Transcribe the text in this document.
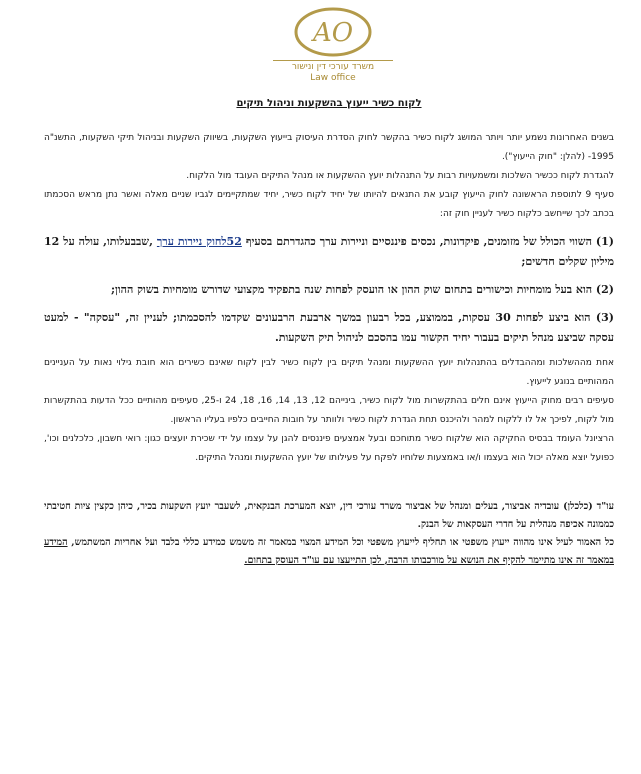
AO
משרד עורכי דין ונישור
Law office
לקוח כשיר ייעוץ בהשקעות וניהול תיקים

בשנים האחרונות נשמע יותר ויותר המושג לקוח כשיר בהקשר לחוק הסדרת העיסוק בייעוץ השקעות, בשיווק השקעות ובניהול תיקי השקעות, התשנ"ה 1995- (להלן: "חוק הייעוץ").

להגדרת לקוח ככשיר השלכות ומשמעויות רבות על התנהלות יועץ ההשקעות או מנהל התיקים העובד מול הלקוח.

סעיף 9 לתוספת הראשונה לחוק הייעוץ קובע את התנאים להיותו של יחיד לקוח כשיר, יחיד שמתקיימים לגביו שניים מאלה ואשר נתן מראש הסכמתו בכתב לכך שייחשב כלקוח כשיר לעניין חוק זה:

(1) השווי הכולל של מזומנים, פיקדונות, נכסים פיננסיים וניירות ערך כהגדרתם בסעיף 52לחוק ניירות ערך ,שבבעלותו, עולה על 12 מיליון שקלים חדשים;

(2) הוא בעל מומחיות וכישורים בתחום שוק ההון או הועסק לפחות שנה בתפקיד מקצועי שדורש מומחיות בשוק ההון;

(3) הוא ביצע לפחות 30 עסקות, בממוצע, בכל רבעון במשך ארבעת הרבעונים שקדמו להסכמתו; לעניין זה, "עסקה" - למעט עסקה שביצע מנהל תיקים בעבור יחיד הקשור עמו בהסכם לניהול תיק השקעות.

אחת מההשלכות ומההבדלים בהתנהלות יועץ ההשקעות ומנהל תיקים בין לקוח כשיר לבין לקוח שאינם כשירים הוא חובת גילוי נאות על העניינים המהותיים בנוגע לייעוץ.

סעיפים רבים מחוק הייעוץ אינם חלים בהתקשרות מול לקוח כשיר, בינייהם 12, 13, 14, 16, 18, 24 ו-25, סעיפים מהותיים ככל הדעות בהתקשרות מול לקוח, לפיכך אל לו ללקוח למהר ולהיכנס תחת הגדרת לקוח כשיר ולוותר על חובות החייבים כלפיו בעליו הראשון.

הרציונל העומד בבסיס החקיקה הוא שלקוח כשיר מתוחכם ובעל אמצעים פיננסים להגן על עצמו על ידי שכירת יועצים כגון: רואי חשבון, כלכלנים וכו', כפועל יוצא מאלה יכול הוא בעצמו ו/או באמצעות שלוחיו לפקח על פעילותו של יועץ ההשקעות ומנהל התיקים.

עו"ד (כלכלן) עובדיה אביצור, בעלים ומנהל של אביצור משרד עורכי דין, יוצא המערכת הבנקאית, לשעבר יועץ השקעות בכיר, כיהן כקצין ציות חטיבתי כממונה אכיפה מנהלית על חדרי העסקאות של הבנק.

כל האמור לעיל אינו מהווה ייעוץ משפטי או תחליף לייעוץ משפטי וכל המידע המצוי במאמר זה משמש כמידע כללי בלבד ועל אחריות המשתמש, המידע במאמר זה אינו מתיימר להקיף את הנושא על מורכבותו הרבה, לכן התייעצו עם עו"ד העוסק בתחום.
